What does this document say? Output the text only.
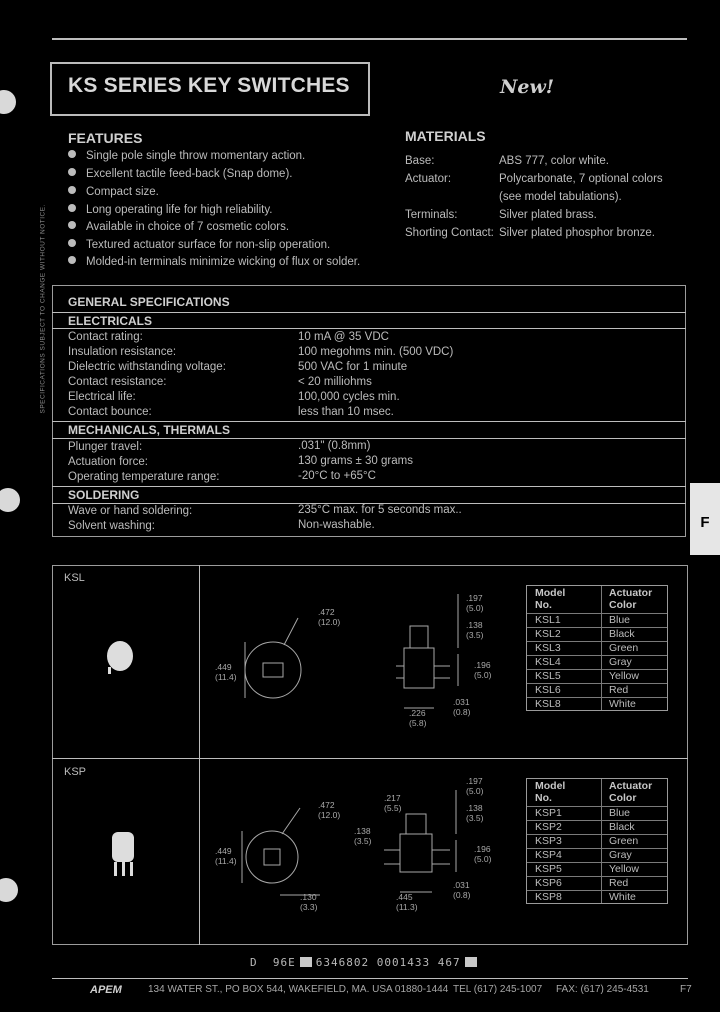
KS SERIES KEY SWITCHES	New!
SPECIFICATIONS SUBJECT TO CHANGE WITHOUT NOTICE.
FEATURES
Single pole single throw momentary action.
Excellent tactile feed-back (Snap dome).
Compact size.
Long operating life for high reliability.
Available in choice of 7 cosmetic colors.
Textured actuator surface for non-slip operation.
Molded-in terminals minimize wicking of flux or solder.
MATERIALS
Base:	ABS 777, color white.
Actuator:	Polycarbonate, 7 optional colors
(see model tabulations).
Terminals:	Silver plated brass.
Shorting Contact: Silver plated phosphor bronze.
GENERAL SPECIFICATIONS
ELECTRICALS
Contact rating:	10 mA @ 35 VDC
Insulation resistance:	100 megohms min. (500 VDC)
Dielectric withstanding voltage:	500 VAC for 1 minute
Contact resistance:	< 20 milliohms
Electrical life:	100,000 cycles min.
Contact bounce:	less than 10 msec.
MECHANICALS, THERMALS
Plunger travel:	.031" (0.8mm)
Actuation force:	130 grams ± 30 grams
Operating temperature range:	-20°C to +65°C
SOLDERING
Wave or hand soldering:	235°C max. for 5 seconds max..
Solvent washing:	Non-washable.	F
KSL
.472
(12.0)
.449
(11.4)
.197
(5.0)
.138
(3.5)
.196
(5.0)
.031
(0.8)
.226
(5.8)
Model
No.
Actuator
Color
KSL1	Blue
KSL2	Black
KSL3	Green
KSL4	Gray
KSL5	Yellow
KSL6	Red
KSL8	White
KSP
.472
(12.0)
.449
(11.4)
.138
(3.5)
.130
(3.3)
.217
(5.5)
.197
(5.0)
.138
(3.5)
.196
(5.0)
.031
(0.8)
.445
(11.3)
Model
No.
Actuator
Color
KSP1	Blue
KSP2	Black
KSP3	Green
KSP4	Gray
KSP5	Yellow
KSP6	Red
KSP8	White
D 96E 6346802 0001433 467
APEM	134 WATER ST., PO BOX 544, WAKEFIELD, MA. USA 01880-1444 TEL (617) 245-1007 FAX: (617) 245-4531	F7
